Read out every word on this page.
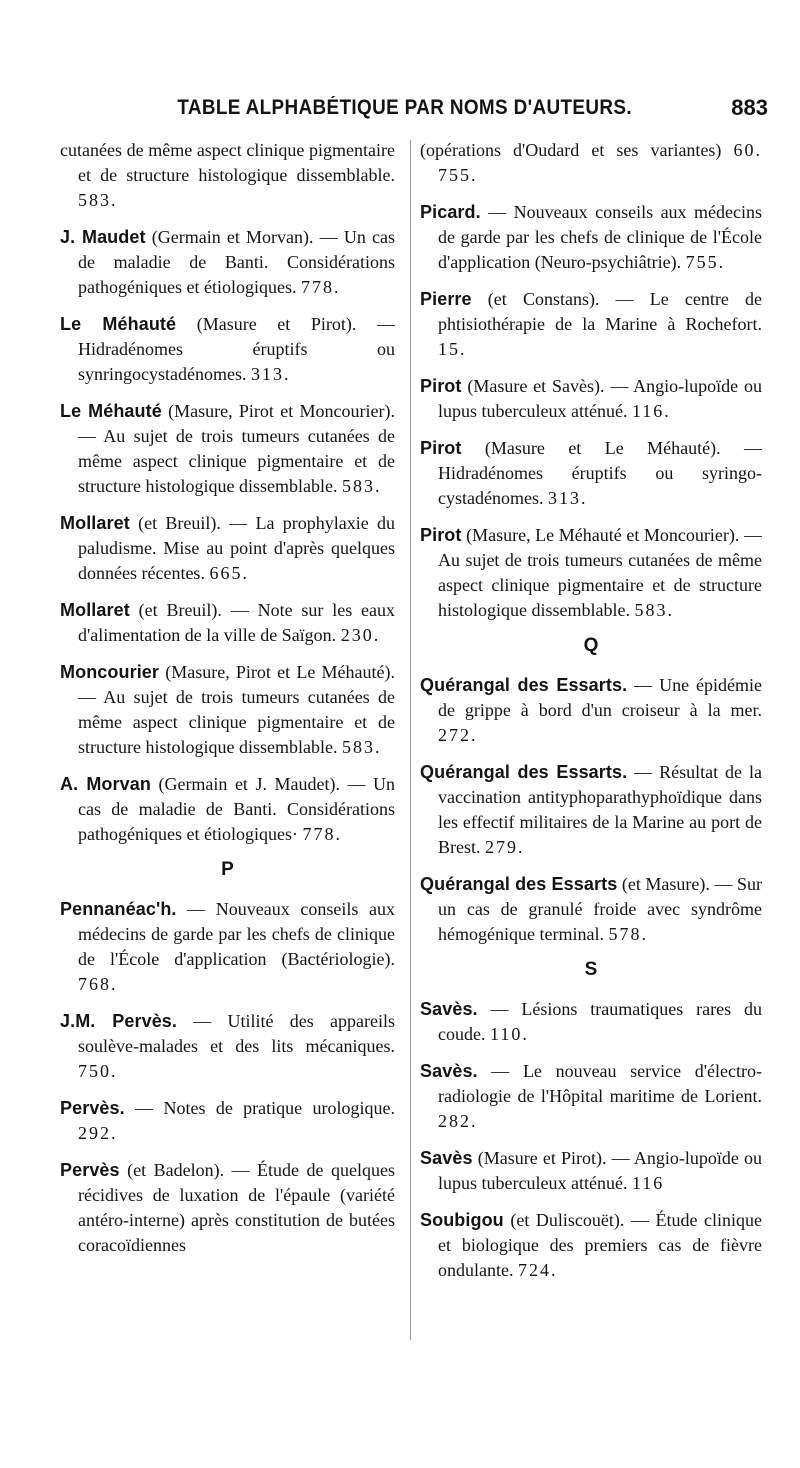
TABLE ALPHABÉTIQUE PAR NOMS D'AUTEURS.	883

cutanées de même aspect clinique pigmentaire et de structure histologique dissemblable. 583.

J. Maudet (Germain et Morvan). — Un cas de maladie de Banti. Considérations pathogéniques et étiologiques. 778.

Le Méhauté (Masure et Pirot). — Hidradénomes éruptifs ou synringocystadénomes. 313.

Le Méhauté (Masure, Pirot et Moncourier). — Au sujet de trois tumeurs cutanées de même aspect clinique pigmentaire et de structure histologique dissemblable. 583.

Mollaret (et Breuil). — La prophylaxie du paludisme. Mise au point d'après quelques données récentes. 665.

Mollaret (et Breuil). — Note sur les eaux d'alimentation de la ville de Saïgon. 230.

Moncourier (Masure, Pirot et Le Méhauté). — Au sujet de trois tumeurs cutanées de même aspect clinique pigmentaire et de structure histologique dissemblable. 583.

A. Morvan (Germain et J. Maudet). — Un cas de maladie de Banti. Considérations pathogéniques et étiologiques· 778.

P

Pennanéac'h. — Nouveaux conseils aux médecins de garde par les chefs de clinique de l'École d'application (Bactériologie). 768.

J.M. Pervès. — Utilité des appareils soulève-malades et des lits mécaniques. 750.

Pervès. — Notes de pratique urologique. 292.

Pervès (et Badelon). — Étude de quelques récidives de luxation de l'épaule (variété antéro-interne) après constitution de butées coracoïdiennes

(opérations d'Oudard et ses variantes) 60. 755.

Picard. — Nouveaux conseils aux médecins de garde par les chefs de clinique de l'École d'application (Neuro-psychiâtrie). 755.

Pierre (et Constans). — Le centre de phtisiothérapie de la Marine à Rochefort. 15.

Pirot (Masure et Savès). — Angio-lupoïde ou lupus tuberculeux atténué. 116.

Pirot (Masure et Le Méhauté). — Hidradénomes éruptifs ou syringo-cystadénomes. 313.

Pirot (Masure, Le Méhauté et Moncourier). — Au sujet de trois tumeurs cutanées de même aspect clinique pigmentaire et de structure histologique dissemblable. 583.

Q

Quérangal des Essarts. — Une épidémie de grippe à bord d'un croiseur à la mer. 272.

Quérangal des Essarts. — Résultat de la vaccination antityphoparathyphoïdique dans les effectif militaires de la Marine au port de Brest. 279.

Quérangal des Essarts (et Masure). — Sur un cas de granulé froide avec syndrôme hémogénique terminal. 578.

S

Savès. — Lésions traumatiques rares du coude. 110.

Savès. — Le nouveau service d'électro-radiologie de l'Hôpital maritime de Lorient. 282.

Savès (Masure et Pirot). — Angio-lupoïde ou lupus tuberculeux atténué. 116

Soubigou (et Duliscouët). — Étude clinique et biologique des premiers cas de fièvre ondulante. 724.
